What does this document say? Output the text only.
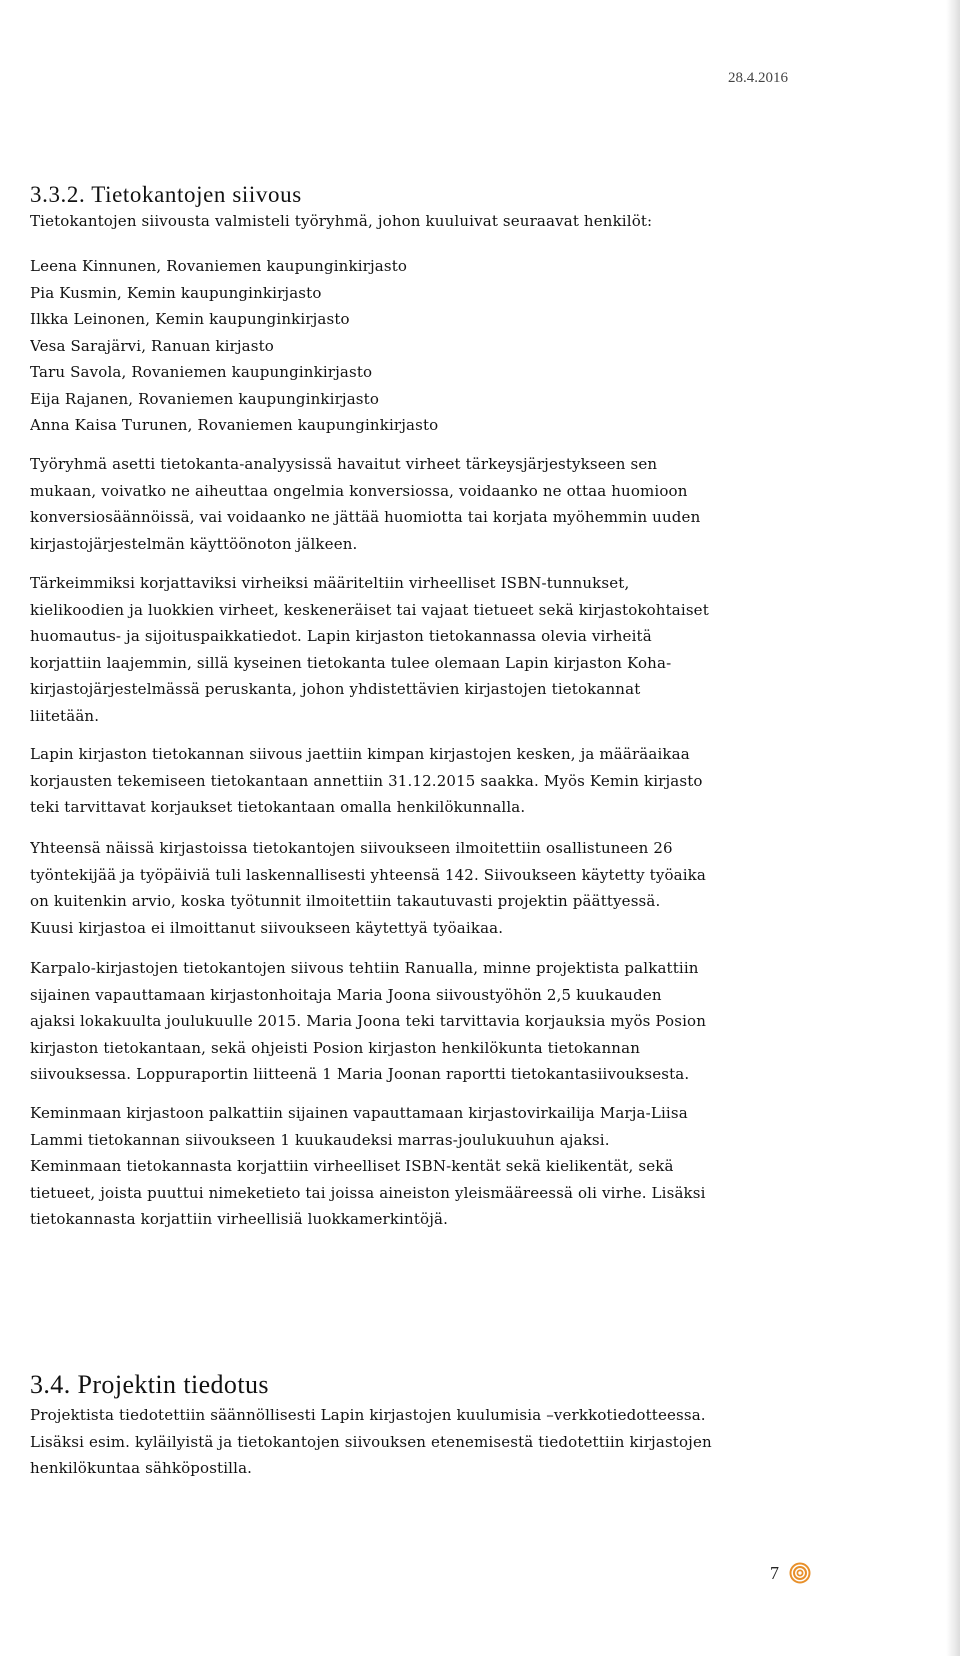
28.4.2016
3.3.2. Tietokantojen siivous
Tietokantojen siivousta valmisteli työryhmä, johon kuuluivat seuraavat henkilöt:
Leena Kinnunen, Rovaniemen kaupunginkirjasto
Pia Kusmin, Kemin kaupunginkirjasto
Ilkka Leinonen, Kemin kaupunginkirjasto
Vesa Sarajärvi, Ranuan kirjasto
Taru Savola, Rovaniemen kaupunginkirjasto
Eija Rajanen, Rovaniemen kaupunginkirjasto
Anna Kaisa Turunen, Rovaniemen kaupunginkirjasto
Työryhmä asetti tietokanta-analyysissä havaitut virheet tärkeysjärjestykseen sen
mukaan, voivatko ne aiheuttaa ongelmia konversiossa, voidaanko ne ottaa huomioon
konversiosäännöissä, vai voidaanko ne jättää huomiotta tai korjata myöhemmin uuden
kirjastojärjestelmän käyttöönoton jälkeen.
Tärkeimmiksi korjattaviksi virheiksi määriteltiin virheelliset ISBN-tunnukset,
kielikoodien ja luokkien virheet, keskeneräiset tai vajaat tietueet sekä kirjastokohtaiset
huomautus- ja sijoituspaikkatiedot. Lapin kirjaston tietokannassa olevia virheitä
korjattiin laajemmin, sillä kyseinen tietokanta tulee olemaan Lapin kirjaston Koha-
kirjastojärjestelmässä peruskanta, johon yhdistettävien kirjastojen tietokannat
liitetään.
Lapin kirjaston tietokannan siivous jaettiin kimpan kirjastojen kesken, ja määräaikaa
korjausten tekemiseen tietokantaan annettiin 31.12.2015 saakka. Myös Kemin kirjasto
teki tarvittavat korjaukset tietokantaan omalla henkilökunnalla.
Yhteensä näissä kirjastoissa tietokantojen siivoukseen ilmoitettiin osallistuneen 26
työntekijää ja työpäiviä tuli laskennallisesti yhteensä 142. Siivoukseen käytetty työaika
on kuitenkin arvio, koska työtunnit ilmoitettiin takautuvasti projektin päättyessä.
Kuusi kirjastoa ei ilmoittanut siivoukseen käytettyä työaikaa.
Karpalo-kirjastojen tietokantojen siivous tehtiin Ranualla, minne projektista palkattiin
sijainen vapauttamaan kirjastonhoitaja Maria Joona siivoustyöhön 2,5 kuukauden
ajaksi lokakuulta joulukuulle 2015. Maria Joona teki tarvittavia korjauksia myös Posion
kirjaston tietokantaan, sekä ohjeisti Posion kirjaston henkilökunta tietokannan
siivouksessa. Loppuraportin liitteenä 1 Maria Joonan raportti tietokantasiivouksesta.
Keminmaan kirjastoon palkattiin sijainen vapauttamaan kirjastovirkailija Marja-Liisa
Lammi tietokannan siivoukseen 1 kuukaudeksi marras-joulukuuhun ajaksi.
Keminmaan tietokannasta korjattiin virheelliset ISBN-kentät sekä kielikentät, sekä
tietueet, joista puuttui nimeketieto tai joissa aineiston yleismääreessä oli virhe. Lisäksi
tietokannasta korjattiin virheellisiä luokkamerkintöjä.
3.4. Projektin tiedotus
Projektista tiedotettiin säännöllisesti Lapin kirjastojen kuulumisia –verkkotiedotteessa.
Lisäksi esim. kyläilyistä ja tietokantojen siivouksen etenemisestä tiedotettiin kirjastojen
henkilökuntaa sähköpostilla.
7
